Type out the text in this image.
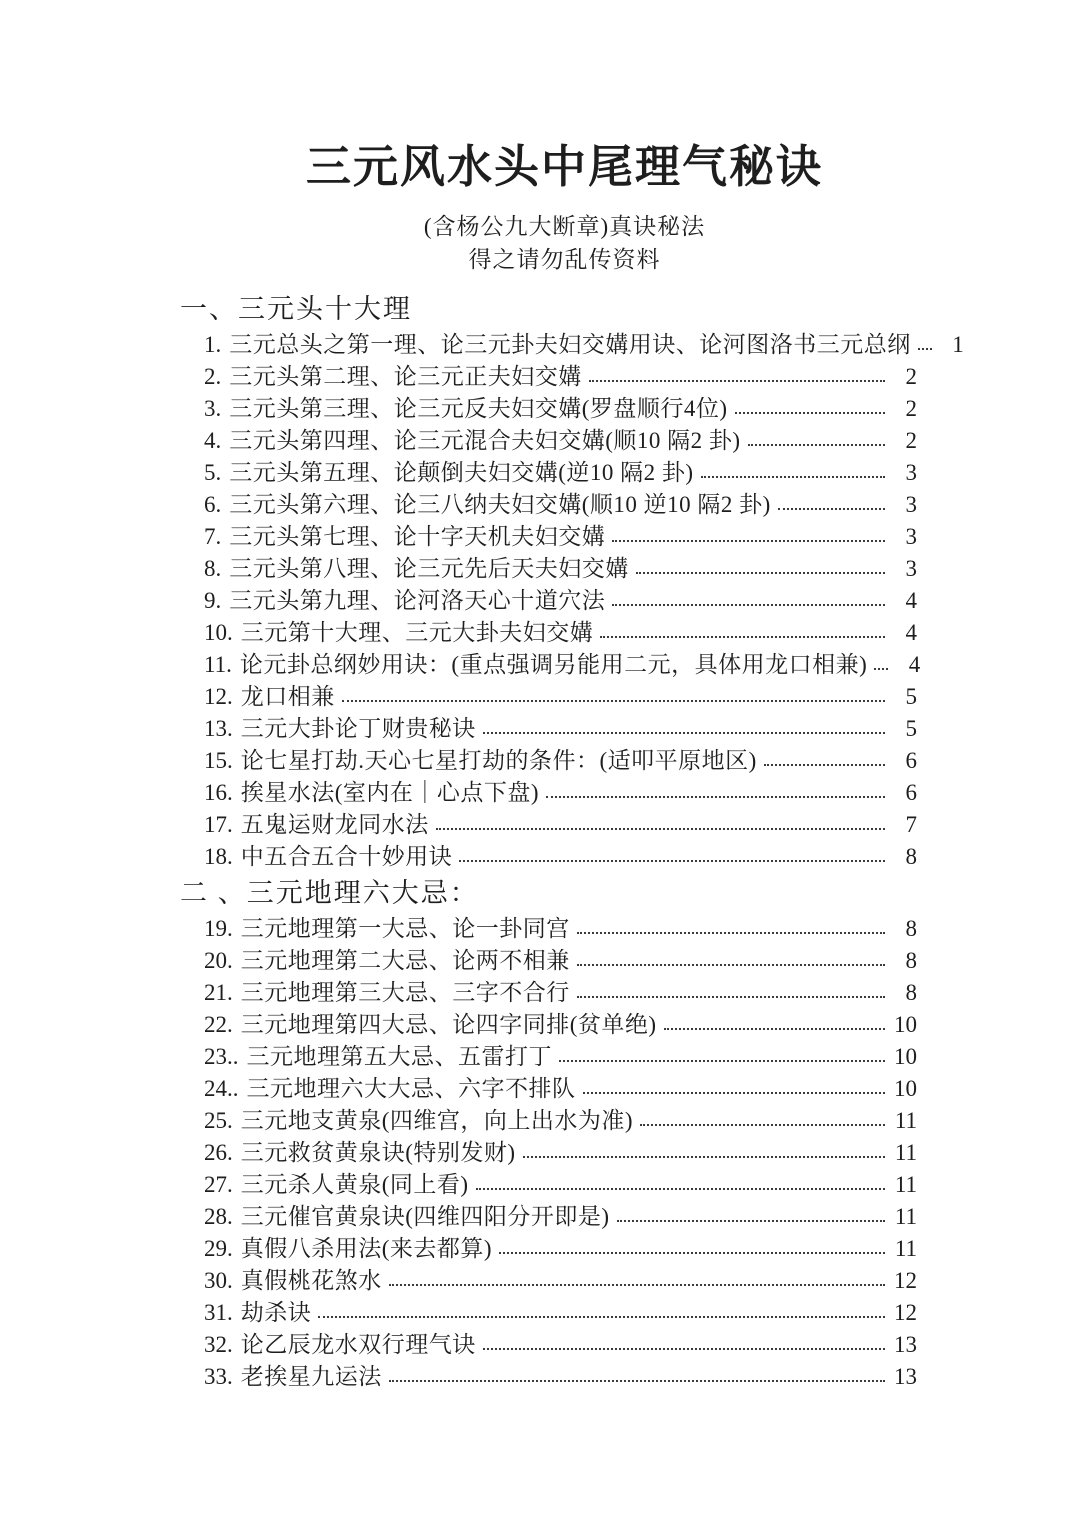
三元风水头中尾理气秘诀
(含杨公九大断章)真诀秘法
得之请勿乱传资料
一、三元头十大理
1. 三元总头之第一理、论三元卦夫妇交媾用诀、论河图洛书三元总纲	1
2. 三元头第二理、论三元正夫妇交媾	2
3. 三元头第三理、论三元反夫妇交媾(罗盘顺行4位)	2
4. 三元头第四理、论三元混合夫妇交媾(顺10 隔2 卦)	2
5. 三元头第五理、论颠倒夫妇交媾(逆10 隔2 卦)	3
6. 三元头第六理、论三八纳夫妇交媾(顺10 逆10 隔2 卦)	3
7. 三元头第七理、论十字天机夫妇交媾	3
8. 三元头第八理、论三元先后天夫妇交媾	3
9. 三元头第九理、论河洛天心十道穴法	4
10. 三元第十大理、三元大卦夫妇交媾	4
11. 论元卦总纲妙用诀：(重点强调另能用二元，具体用龙口相兼)	4
12. 龙口相兼	5
13. 三元大卦论丁财贵秘诀	5
15. 论七星打劫.天心七星打劫的条件：(适叩平原地区)	6
16. 挨星水法(室内在｜心点下盘)	6
17. 五鬼运财龙同水法	7
18. 中五合五合十妙用诀	8
二 、三元地理六大忌：
19. 三元地理第一大忌、论一卦同宫	8
20. 三元地理第二大忌、论两不相兼	8
21. 三元地理第三大忌、三字不合行	8
22. 三元地理第四大忌、论四字同排(贫单绝)	10
23.. 三元地理第五大忌、五雷打丁	10
24.. 三元地理六大大忌、六字不排队	10
25. 三元地支黄泉(四维宫，向上出水为准)	11
26. 三元救贫黄泉诀(特别发财)	11
27. 三元杀人黄泉(同上看)	11
28. 三元催官黄泉诀(四维四阳分开即是)	11
29. 真假八杀用法(来去都算)	11
30. 真假桃花煞水	12
31. 劫杀诀	12
32. 论乙辰龙水双行理气诀	13
33. 老挨星九运法	13
